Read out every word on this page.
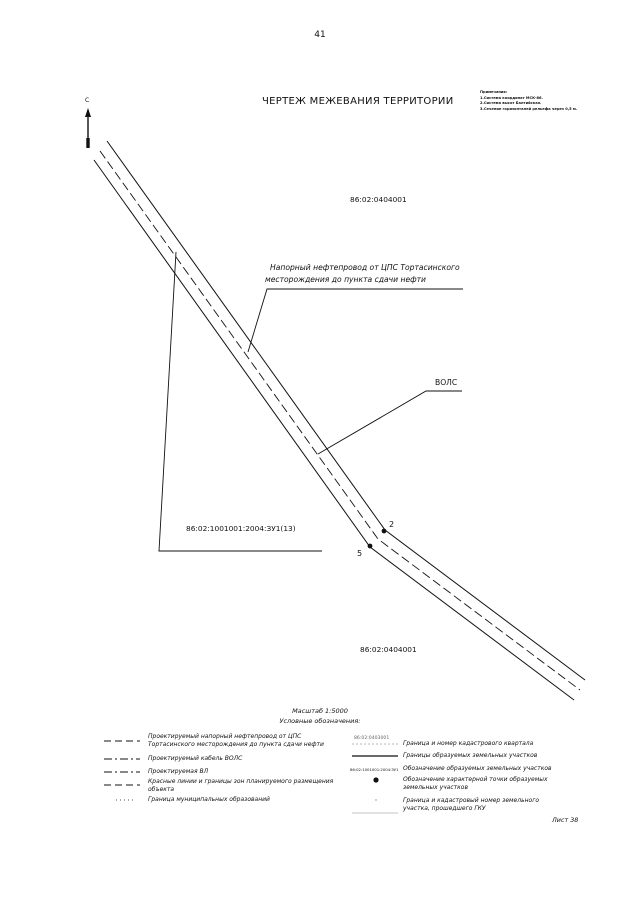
41
ЧЕРТЕЖ МЕЖЕВАНИЯ ТЕРРИТОРИИ
С
Примечания:
1.Система координат МСК-86.
2.Система высот Балтийская.
3.Сечение горизонталей рельефа через 0,5 м.
86:02:0404001
86:02:0404001
Напорный нефтепровод от ЦПС Тортасинского
месторождения до пункта сдачи нефти
ВОЛС
86:02:1001001:2004:ЗУ1(13)	2
5
Масштаб 1:5000
Условные обозначения:
Проектируемый напорный нефтепровод от ЦПС Тортасинского месторождения до пункта сдачи нефти
Проектируемый кабель ВОЛС
Проектируемая ВЛ
Красные линии и границы зон планируемого размещения объекта
Граница муниципальных образований
86:02:0403001
Граница и номер кадастрового квартала
Границы образуемых земельных участков
86:02:1001001:2004:ЗУ1 Обозначение образуемых земельных участков
Обозначение характерной точки образуемых земельных участков
Граница и кадастровый номер земельного участка, прошедшего ГКУ
Лист 38
